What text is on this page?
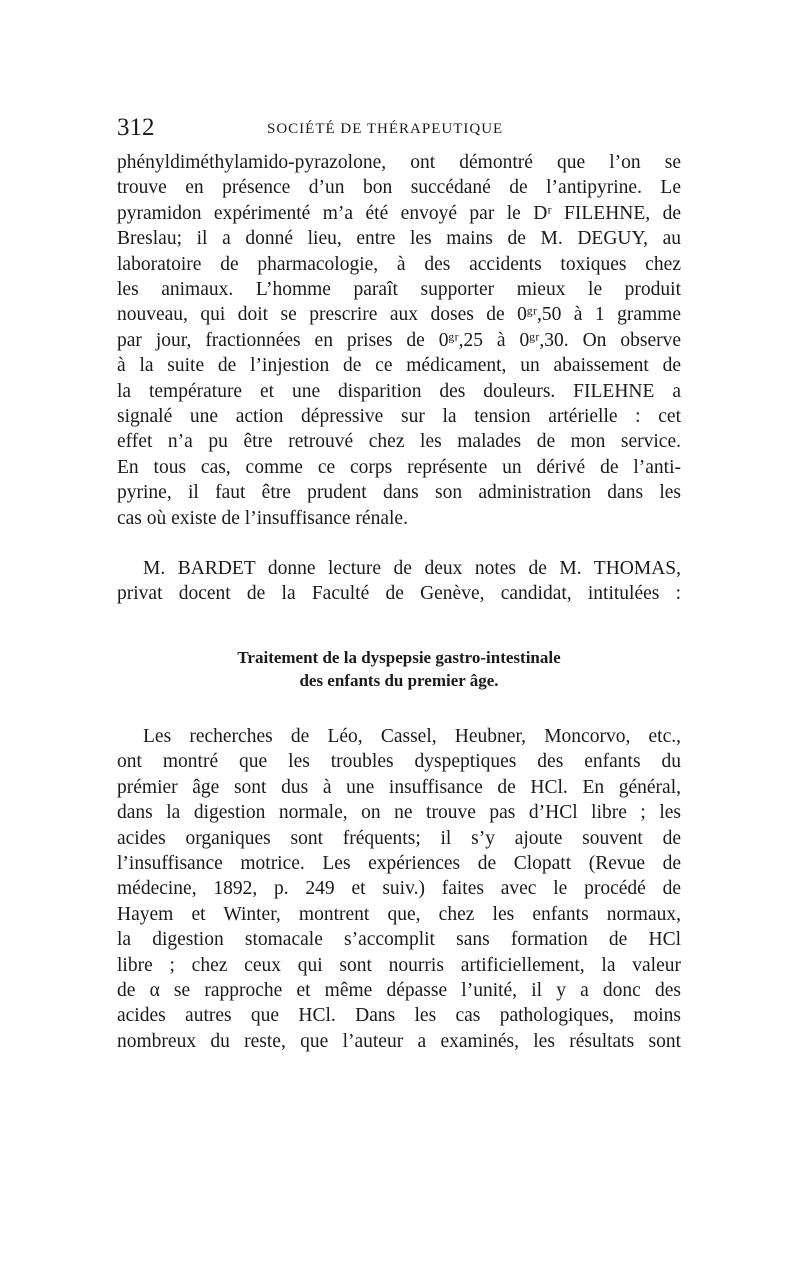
312	SOCIÉTÉ DE THÉRAPEUTIQUE
phényldiméthylamido-pyrazolone, ont démontré que l’on se
trouve en présence d’un bon succédané de l’antipyrine. Le
pyramidon expérimenté m’a été envoyé par le Dʳ FILEHNE, de
Breslau; il a donné lieu, entre les mains de M. DEGUY, au
laboratoire de pharmacologie, à des accidents toxiques chez
les animaux. L’homme paraît supporter mieux le produit
nouveau, qui doit se prescrire aux doses de 0ᵍʳ,50 à 1 gramme
par jour, fractionnées en prises de 0ᵍʳ,25 à 0ᵍʳ,30. On observe
à la suite de l’injestion de ce médicament, un abaissement de
la température et une disparition des douleurs. FILEHNE a
signalé une action dépressive sur la tension artérielle : cet
effet n’a pu être retrouvé chez les malades de mon service.
En tous cas, comme ce corps représente un dérivé de l’anti-
pyrine, il faut être prudent dans son administration dans les
cas où existe de l’insuffisance rénale.
M. BARDET donne lecture de deux notes de M. THOMAS,
privat docent de la Faculté de Genève, candidat, intitulées :
Traitement de la dyspepsie gastro-intestinale
des enfants du premier âge.
Les recherches de Léo, Cassel, Heubner, Moncorvo, etc.,
ont montré que les troubles dyspeptiques des enfants du
prémier âge sont dus à une insuffisance de HCl. En général,
dans la digestion normale, on ne trouve pas d’HCl libre ; les
acides organiques sont fréquents; il s’y ajoute souvent de
l’insuffisance motrice. Les expériences de Clopatt (Revue de
médecine, 1892, p. 249 et suiv.) faites avec le procédé de
Hayem et Winter, montrent que, chez les enfants normaux,
la digestion stomacale s’accomplit sans formation de HCl
libre ; chez ceux qui sont nourris artificiellement, la valeur
de α se rapproche et même dépasse l’unité, il y a donc des
acides autres que HCl. Dans les cas pathologiques, moins
nombreux du reste, que l’auteur a examinés, les résultats sont
